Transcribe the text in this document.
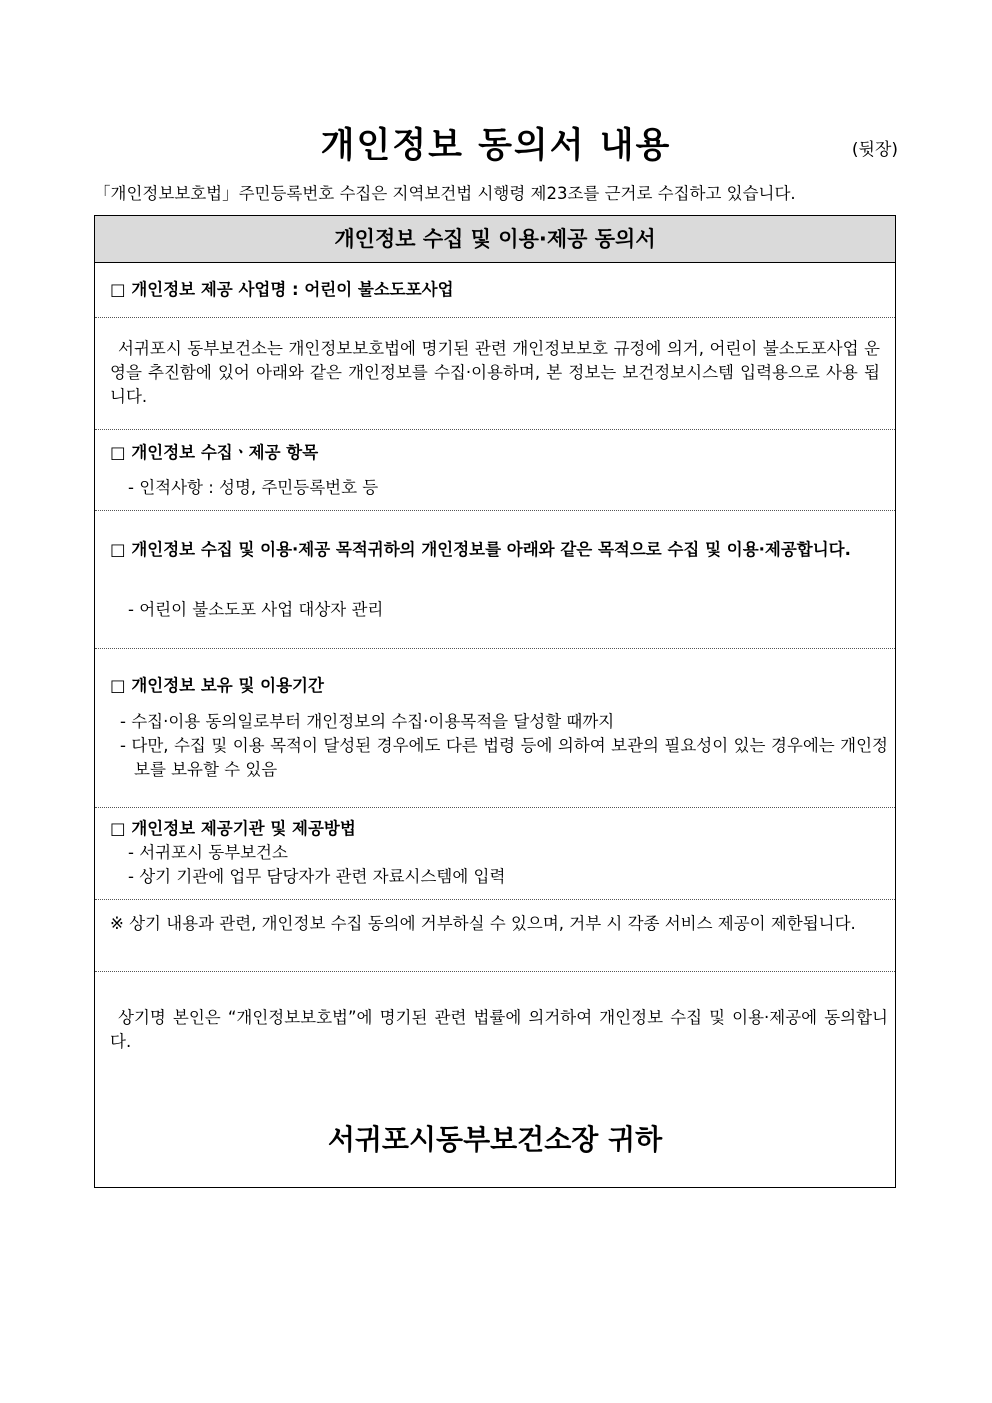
개인정보 동의서 내용	(뒷장)
「개인정보보호법」주민등록번호 수집은 지역보건법 시행령 제23조를 근거로 수집하고 있습니다.
개인정보 수집 및 이용·제공 동의서
□ 개인정보 제공 사업명 : 어린이 불소도포사업
서귀포시 동부보건소는 개인정보보호법에 명기된 관련 개인정보보호 규정에 의거, 어린이 불소도포사업 운영을 추진함에 있어 아래와 같은 개인정보를 수집·이용하며, 본 정보는 보건정보시스템 입력용으로 사용 됩니다.
□ 개인정보 수집ㆍ제공 항목
- 인적사항 : 성명, 주민등록번호 등
□ 개인정보 수집 및 이용·제공 목적귀하의 개인정보를 아래와 같은 목적으로 수집 및 이용·제공합니다.
- 어린이 불소도포 사업 대상자 관리
□ 개인정보 보유 및 이용기간
- 수집·이용 동의일로부터 개인정보의 수집·이용목적을 달성할 때까지
- 다만, 수집 및 이용 목적이 달성된 경우에도 다른 법령 등에 의하여 보관의 필요성이 있는 경우에는 개인정보를 보유할 수 있음
□ 개인정보 제공기관 및 제공방법
- 서귀포시 동부보건소
- 상기 기관에 업무 담당자가 관련 자료시스템에 입력
※ 상기 내용과 관련, 개인정보 수집 동의에 거부하실 수 있으며, 거부 시 각종 서비스 제공이 제한됩니다.
상기명 본인은 “개인정보보호법”에 명기된 관련 법률에 의거하여 개인정보 수집 및 이용·제공에 동의합니다.
서귀포시동부보건소장 귀하
